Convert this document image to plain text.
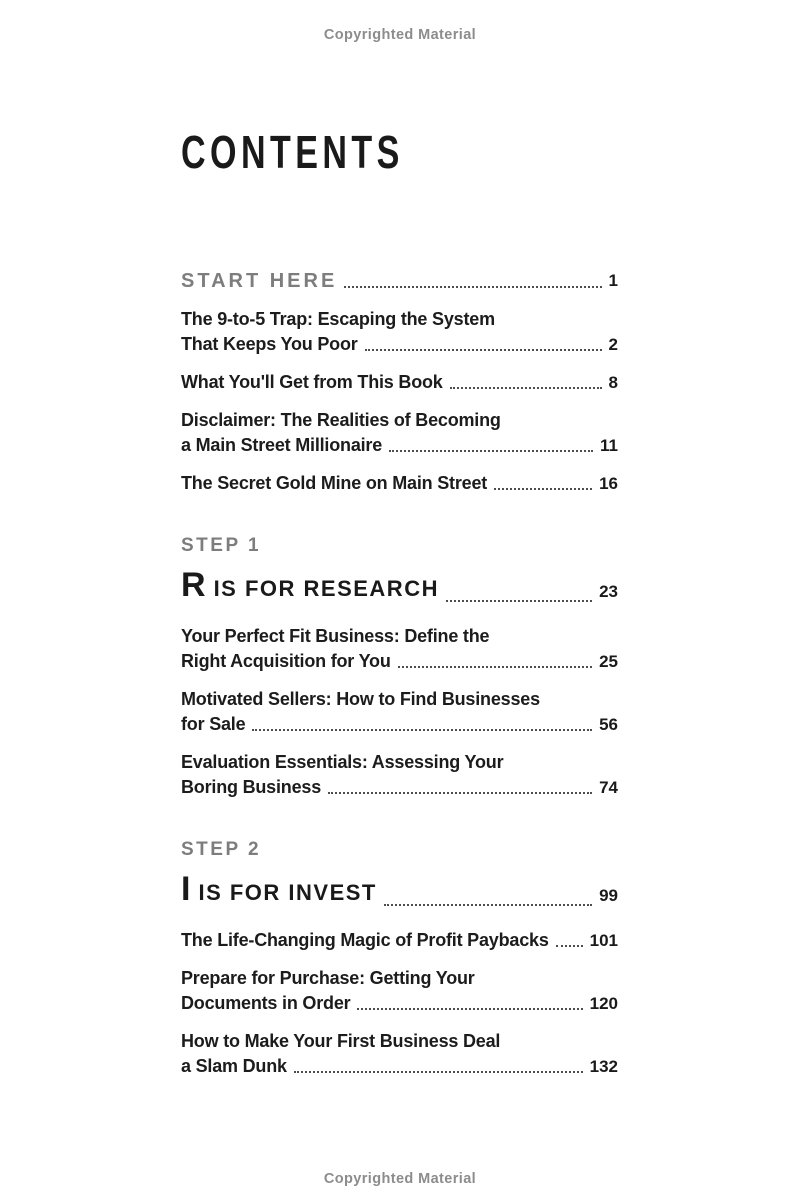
Copyrighted Material
CONTENTS
START HERE	1
The 9-to-5 Trap: Escaping the System
That Keeps You Poor	2
What You'll Get from This Book	8
Disclaimer: The Realities of Becoming
a Main Street Millionaire	11
The Secret Gold Mine on Main Street	16
STEP 1
RIS FOR RESEARCH	23
Your Perfect Fit Business: Define the
Right Acquisition for You	25
Motivated Sellers: How to Find Businesses
for Sale	56
Evaluation Essentials: Assessing Your
Boring Business	74
STEP 2
IIS FOR INVEST	99
The Life-Changing Magic of Profit Paybacks 101
Prepare for Purchase: Getting Your
Documents in Order	120
How to Make Your First Business Deal
a Slam Dunk	132
Copyrighted Material
